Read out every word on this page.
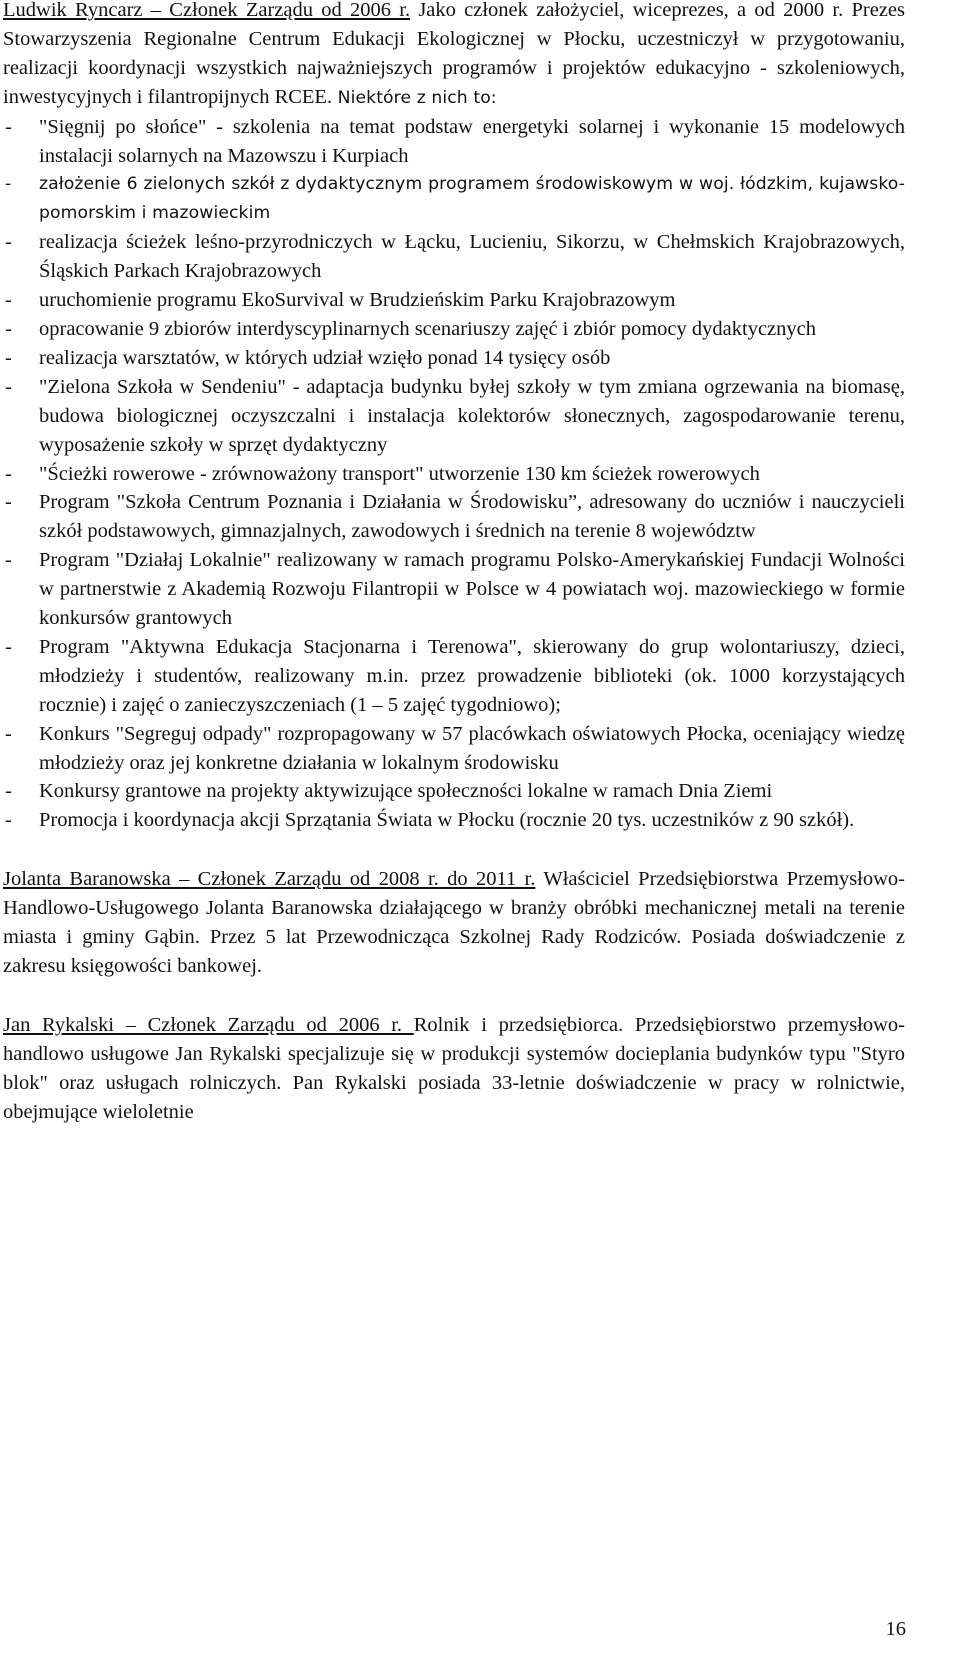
Ludwik Ryncarz – Członek Zarządu od 2006 r. Jako członek założyciel, wiceprezes, a od 2000 r. Prezes Stowarzyszenia Regionalne Centrum Edukacji Ekologicznej w Płocku, uczestniczył w przygotowaniu, realizacji koordynacji wszystkich najważniejszych programów i projektów edukacyjno - szkoleniowych, inwestycyjnych i filantropijnych RCEE. Niektóre z nich to:

- "Sięgnij po słońce" - szkolenia na temat podstaw energetyki solarnej i wykonanie 15 modelowych instalacji solarnych na Mazowszu i Kurpiach
- założenie 6 zielonych szkół z dydaktycznym programem środowiskowym w woj. łódzkim, kujawsko-pomorskim i mazowieckim
- realizacja ścieżek leśno-przyrodniczych w Łącku, Lucieniu, Sikorzu, w Chełmskich Krajobrazowych, Śląskich Parkach Krajobrazowych
- uruchomienie programu EkoSurvival w Brudzieńskim Parku Krajobrazowym
- opracowanie 9 zbiorów interdyscyplinarnych scenariuszy zajęć i zbiór pomocy dydaktycznych
- realizacja warsztatów, w których udział wzięło ponad 14 tysięcy osób
- "Zielona Szkoła w Sendeniu" - adaptacja budynku byłej szkoły w tym zmiana ogrzewania na biomasę, budowa biologicznej oczyszczalni i instalacja kolektorów słonecznych, zagospodarowanie terenu, wyposażenie szkoły w sprzęt dydaktyczny
- "Ścieżki rowerowe - zrównoważony transport" utworzenie 130 km ścieżek rowerowych
- Program "Szkoła Centrum Poznania i Działania w Środowisku”, adresowany do uczniów i nauczycieli szkół podstawowych, gimnazjalnych, zawodowych i średnich na terenie 8 województw
- Program "Działaj Lokalnie" realizowany w ramach programu Polsko-Amerykańskiej Fundacji Wolności w partnerstwie z Akademią Rozwoju Filantropii w Polsce w 4 powiatach woj. mazowieckiego w formie konkursów grantowych
- Program "Aktywna Edukacja Stacjonarna i Terenowa", skierowany do grup wolontariuszy, dzieci, młodzieży i studentów, realizowany m.in. przez prowadzenie biblioteki (ok. 1000 korzystających rocznie) i zajęć o zanieczyszczeniach (1 – 5 zajęć tygodniowo);
- Konkurs "Segreguj odpady" rozpropagowany w 57 placówkach oświatowych Płocka, oceniający wiedzę młodzieży oraz jej konkretne działania w lokalnym środowisku
- Konkursy grantowe na projekty aktywizujące społeczności lokalne w ramach Dnia Ziemi
- Promocja i koordynacja akcji Sprzątania Świata w Płocku (rocznie 20 tys. uczestników z 90 szkół).

Jolanta Baranowska – Członek Zarządu od 2008 r. do 2011 r. Właściciel Przedsiębiorstwa Przemysłowo-Handlowo-Usługowego Jolanta Baranowska działającego w branży obróbki mechanicznej metali na terenie miasta i gminy Gąbin. Przez 5 lat Przewodnicząca Szkolnej Rady Rodziców. Posiada doświadczenie z zakresu księgowości bankowej.

Jan Rykalski – Członek Zarządu od 2006 r. Rolnik i przedsiębiorca. Przedsiębiorstwo przemysłowo-handlowo usługowe Jan Rykalski specjalizuje się w produkcji systemów docieplania budynków typu "Styro blok" oraz usługach rolniczych. Pan Rykalski posiada 33-letnie doświadczenie w pracy w rolnictwie, obejmujące wieloletnie

16
